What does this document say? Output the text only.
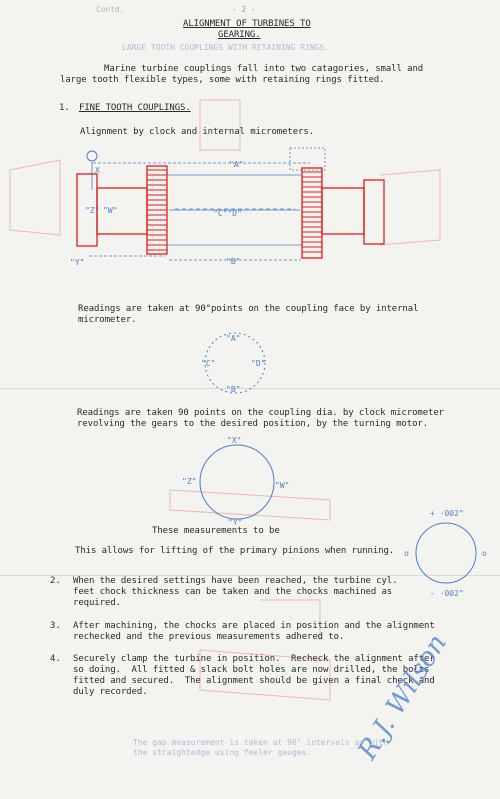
LARGE TOOTH COUPLINGS WITH RETAINING RINGS.
The gap measurement is taken at 90° intervals as with
the straightedge using feeler gauges.
Contd.	- 2 -
ALIGNMENT OF TURBINES TO
GEARING.
Marine turbine couplings fall into two catagories, small and
large tooth flexible types, some with retaining rings fitted.
1. FINE TOOTH COUPLINGS.
Alignment by clock and internal micrometers.
"A"
X
"Z" "W"	"C""D"
"Y"	"B"
Readings are taken at 90°points on the coupling face by internal
micrometer.
"A"
"C"	"D"
"B"
Readings are taken 90 points on the coupling dia. by clock micrometer
revolving the gears to the desired position, by the turning motor.
"X"
"Z"	"W"
"Y"
These measurements to be
This allows for lifting of the primary pinions when running.
+ ·002"
o	o
- ·002"
2. When the desired settings have been reached, the turbine cyl.
feet chock thickness can be taken and the chocks machined as
required.
3. After machining, the chocks are placed in position and the alignment
rechecked and the previous measurements adhered to.
4. Securely clamp the turbine in position.  Recheck the alignment after
so doing.  All fitted & slack bolt holes are now drilled, the bolts
fitted and secured.  The alignment should be given a final check and
duly recorded.	R.J. Wilson
